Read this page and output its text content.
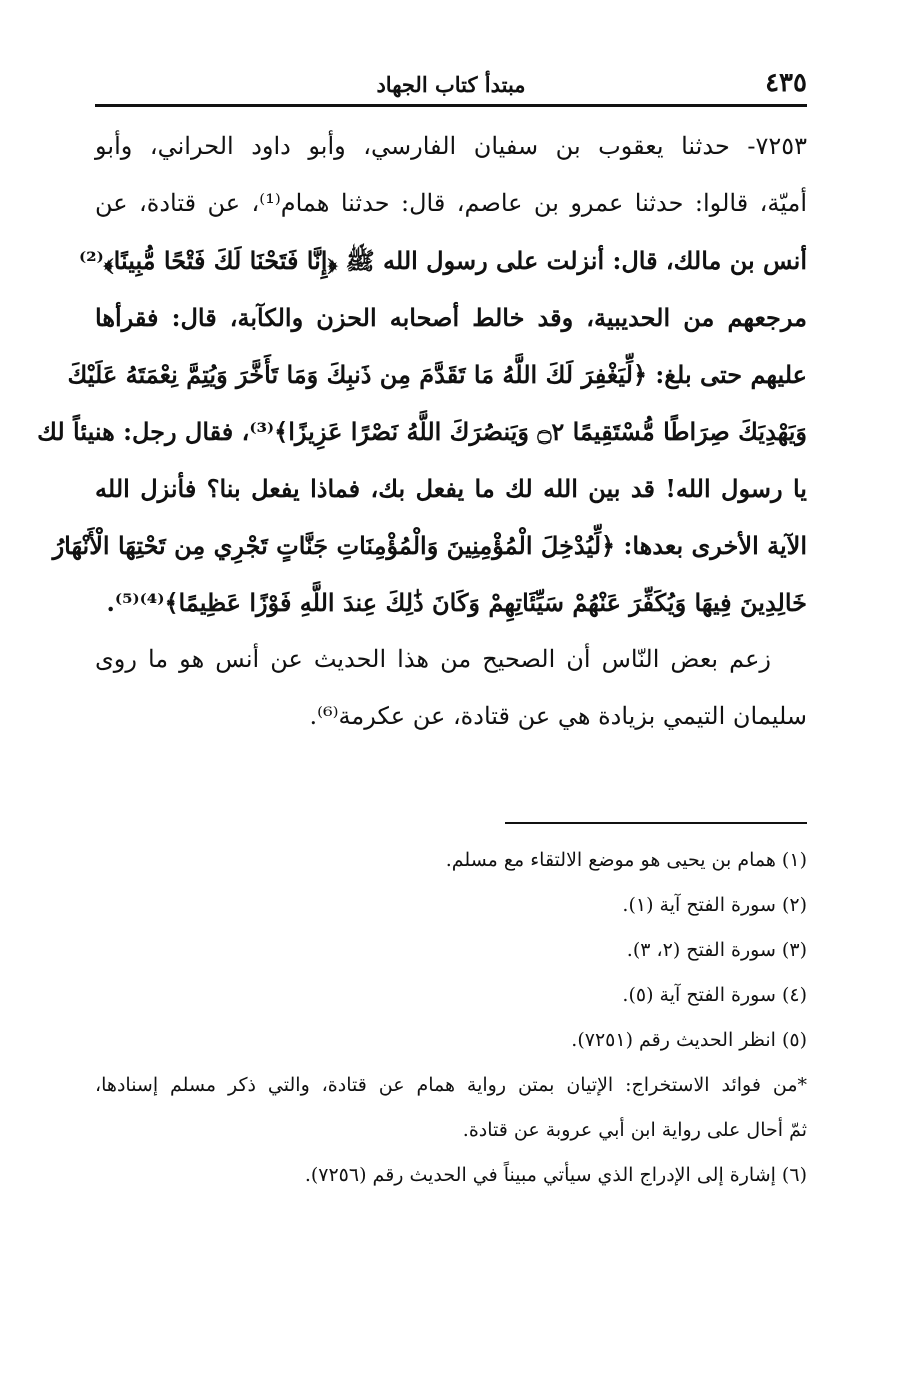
٤٣٥
مبتدأ كتاب الجهاد
٧٢٥٣- حدثنا يعقوب بن سفيان الفارسي، وأبو داود الحراني، وأبو
أميّة، قالوا: حدثنا عمرو بن عاصم، قال: حدثنا همام⁽¹⁾، عن قتادة، عن
أنس بن مالك، قال: أنزلت على رسول الله ﷺ ﴿إِنَّا فَتَحْنَا لَكَ فَتْحًا مُّبِينًا﴾⁽²⁾
مرجعهم من الحديبية، وقد خالط أصحابه الحزن والكآبة، قال: فقرأها
عليهم حتى بلغ: ﴿لِّيَغْفِرَ لَكَ اللَّهُ مَا تَقَدَّمَ مِن ذَنبِكَ وَمَا تَأَخَّرَ وَيُتِمَّ نِعْمَتَهُ عَلَيْكَ
وَيَهْدِيَكَ صِرَاطًا مُّسْتَقِيمًا ۝٢ وَيَنصُرَكَ اللَّهُ نَصْرًا عَزِيزًا﴾⁽³⁾، فقال رجل: هنيئاً لك
يا رسول الله! قد بين الله لك ما يفعل بك، فماذا يفعل بنا؟ فأنزل الله
الآية الأخرى بعدها: ﴿لِّيُدْخِلَ الْمُؤْمِنِينَ وَالْمُؤْمِنَاتِ جَنَّاتٍ تَجْرِي مِن تَحْتِهَا الْأَنْهَارُ
خَالِدِينَ فِيهَا وَيُكَفِّرَ عَنْهُمْ سَيِّئَاتِهِمْ وَكَانَ ذَٰلِكَ عِندَ اللَّهِ فَوْزًا عَظِيمًا﴾⁽⁴⁾⁽⁵⁾.
زعم بعض النّاس أن الصحيح من هذا الحديث عن أنس هو ما روى
سليمان التيمي بزيادة هي عن قتادة، عن عكرمة⁽⁶⁾.
(١) همام بن يحيى هو موضع الالتقاء مع مسلم.
(٢) سورة الفتح آية (١).
(٣) سورة الفتح (٢، ٣).
(٤) سورة الفتح آية (٥).
(٥) انظر الحديث رقم (٧٢٥١).
*من فوائد الاستخراج: الإتيان بمتن رواية همام عن قتادة، والتي ذكر مسلم إسنادها،
ثمّ أحال على رواية ابن أبي عروبة عن قتادة.
(٦) إشارة إلى الإدراج الذي سيأتي مبيناً في الحديث رقم (٧٢٥٦).
